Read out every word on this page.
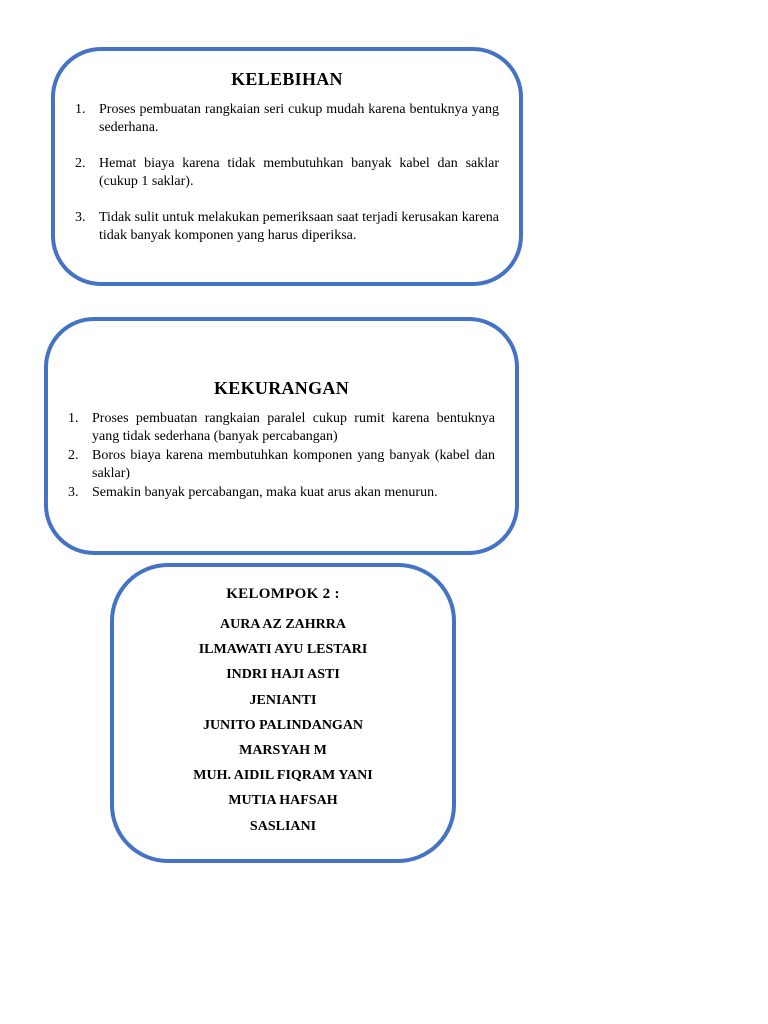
KELEBIHAN
1. Proses pembuatan rangkaian seri cukup mudah karena bentuknya yang sederhana.
2. Hemat biaya karena tidak membutuhkan banyak kabel dan saklar (cukup 1 saklar).
3. Tidak sulit untuk melakukan pemeriksaan saat terjadi kerusakan karena tidak banyak komponen yang harus diperiksa.
KEKURANGAN
1. Proses pembuatan rangkaian paralel cukup rumit karena bentuknya yang tidak sederhana (banyak percabangan)
2. Boros biaya karena membutuhkan komponen yang banyak (kabel dan saklar)
3. Semakin banyak percabangan, maka kuat arus akan menurun.
KELOMPOK 2 :
AURA AZ ZAHRRA
ILMAWATI AYU LESTARI
INDRI HAJI ASTI
JENIANTI
JUNITO PALINDANGAN
MARSYAH M
MUH. AIDIL FIQRAM YANI
MUTIA HAFSAH
SASLIANI
